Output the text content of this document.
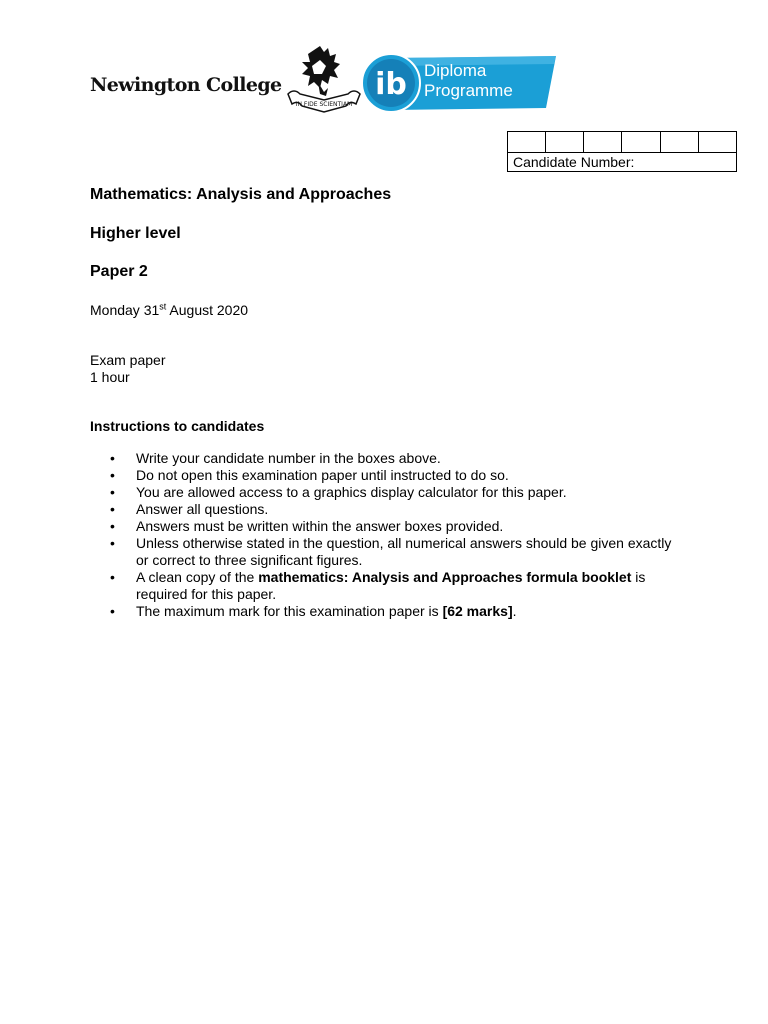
Newington College
IN FIDE SCIENTIAM
ib Diploma
Programme

Candidate Number:
Mathematics: Analysis and Approaches
Higher level
Paper 2
Monday 31st August 2020
Exam paper
1 hour
Instructions to candidates
• Write your candidate number in the boxes above.
• Do not open this examination paper until instructed to do so.
• You are allowed access to a graphics display calculator for this paper.
• Answer all questions.
• Answers must be written within the answer boxes provided.
• Unless otherwise stated in the question, all numerical answers should be given exactly or correct to three significant figures.
• A clean copy of the mathematics: Analysis and Approaches formula booklet is required for this paper.
• The maximum mark for this examination paper is [62 marks].
